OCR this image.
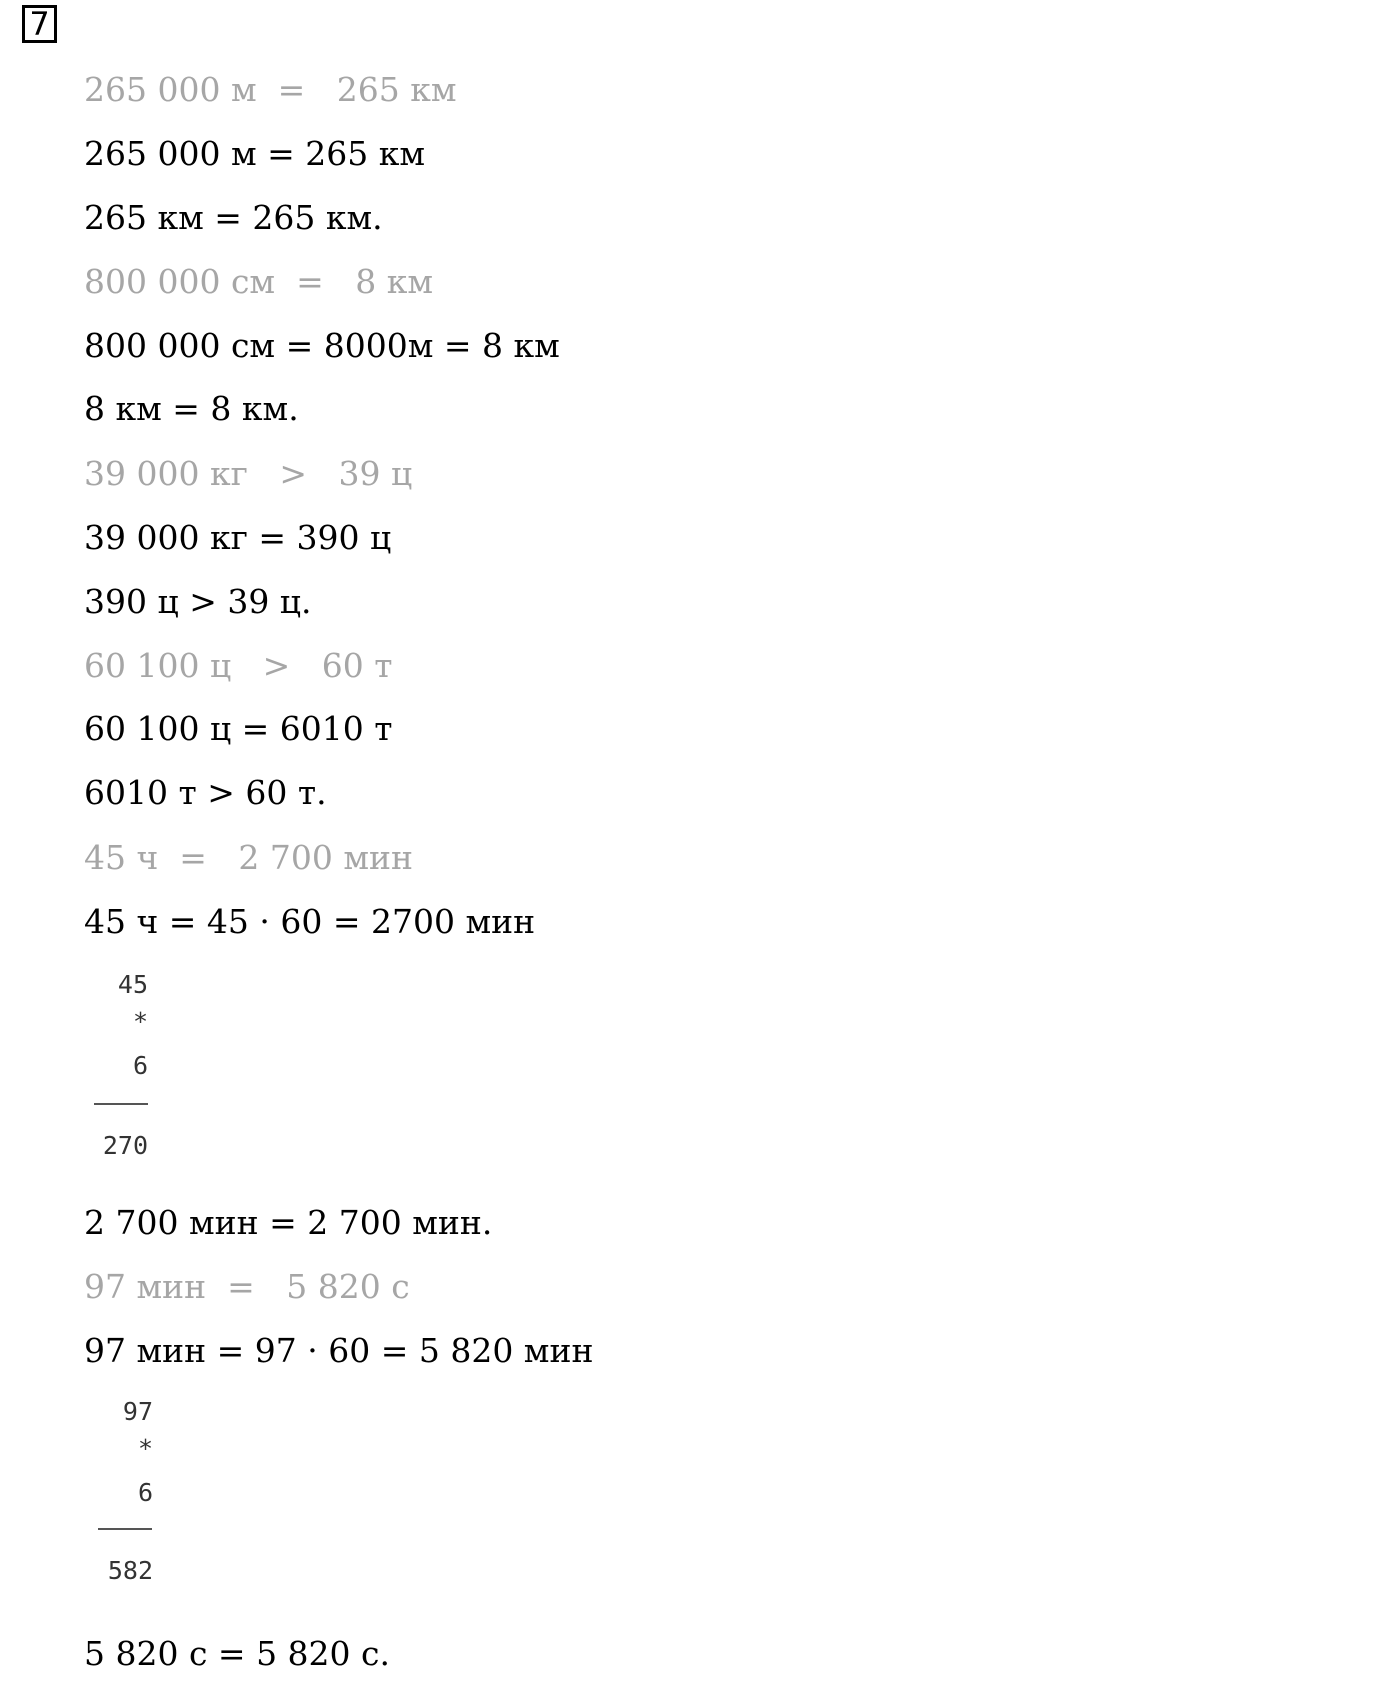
7
265 000 м  =   265 км
265 000 м = 265 км
265 км = 265 км.
800 000 см  =   8 км
800 000 см = 8000м = 8 км
8 км = 8 км.
39 000 кг   >   39 ц
39 000 кг = 390 ц
390 ц > 39 ц.
60 100 ц   >   60 т
60 100 ц = 6010 т
6010 т > 60 т.
45 ч  =   2 700 мин
45 ч = 45 · 60 = 2700 мин
45
*
6
270
2 700 мин = 2 700 мин.
97 мин  =   5 820 с
97 мин = 97 · 60 = 5 820 мин
97
*
6
582
5 820 с = 5 820 с.
